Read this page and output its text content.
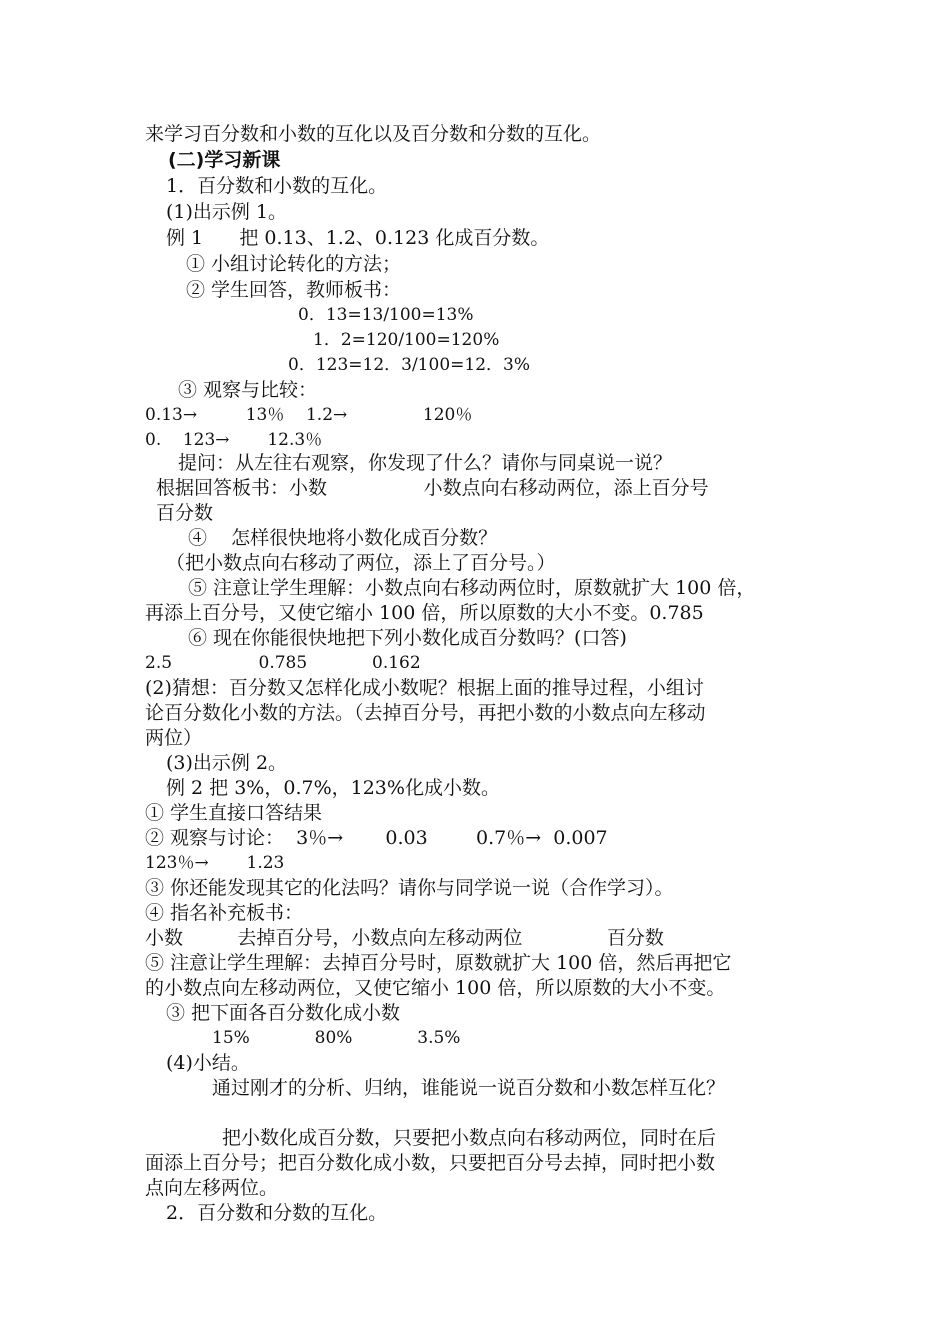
来学习百分数和小数的互化以及百分数和分数的互化。
(二)学习新课
1．百分数和小数的互化。
(1)出示例 1。
例 1      把 0.13、1.2、0.123 化成百分数。
① 小组讨论转化的方法；
② 学生回答，教师板书：
0．13=13/100=13%
1．2=120/100=120%
0．123=12．3/100=12．3%
③ 观察与比较：
0.13→         13％    1.2→              120％
0.    123→       12.3％
提问：从左往右观察，你发现了什么？请你与同桌说一说？
根据回答板书：小数                小数点向右移动两位，添上百分号
百分数
④    怎样很快地将小数化成百分数？
（把小数点向右移动了两位，添上了百分号。）
⑤ 注意让学生理解：小数点向右移动两位时，原数就扩大 100 倍，
再添上百分号，又使它缩小 100 倍，所以原数的大小不变。0.785
⑥ 现在你能很快地把下列小数化成百分数吗？(口答)
2.5                0.785            0.162
(2)猜想：百分数又怎样化成小数呢？根据上面的推导过程，小组讨
论百分数化小数的方法。（去掉百分号，再把小数的小数点向左移动
两位）
(3)出示例 2。
例 2 把 3%，0.7%，123%化成小数。
① 学生直接口答结果
② 观察与讨论：  3％→       0.03        0.7％→  0.007
123％→       1.23
③ 你还能发现其它的化法吗？请你与同学说一说（合作学习）。
④ 指名补充板书：
小数         去掉百分号，小数点向左移动两位              百分数
⑤ 注意让学生理解：去掉百分号时，原数就扩大 100 倍，然后再把它
的小数点向左移动两位，又使它缩小 100 倍，所以原数的大小不变。
③ 把下面各百分数化成小数
15%            80%            3.5%
(4)小结。
通过刚才的分析、归纳，谁能说一说百分数和小数怎样互化？
把小数化成百分数，只要把小数点向右移动两位，同时在后
面添上百分号；把百分数化成小数，只要把百分号去掉，同时把小数
点向左移两位。
2．百分数和分数的互化。
